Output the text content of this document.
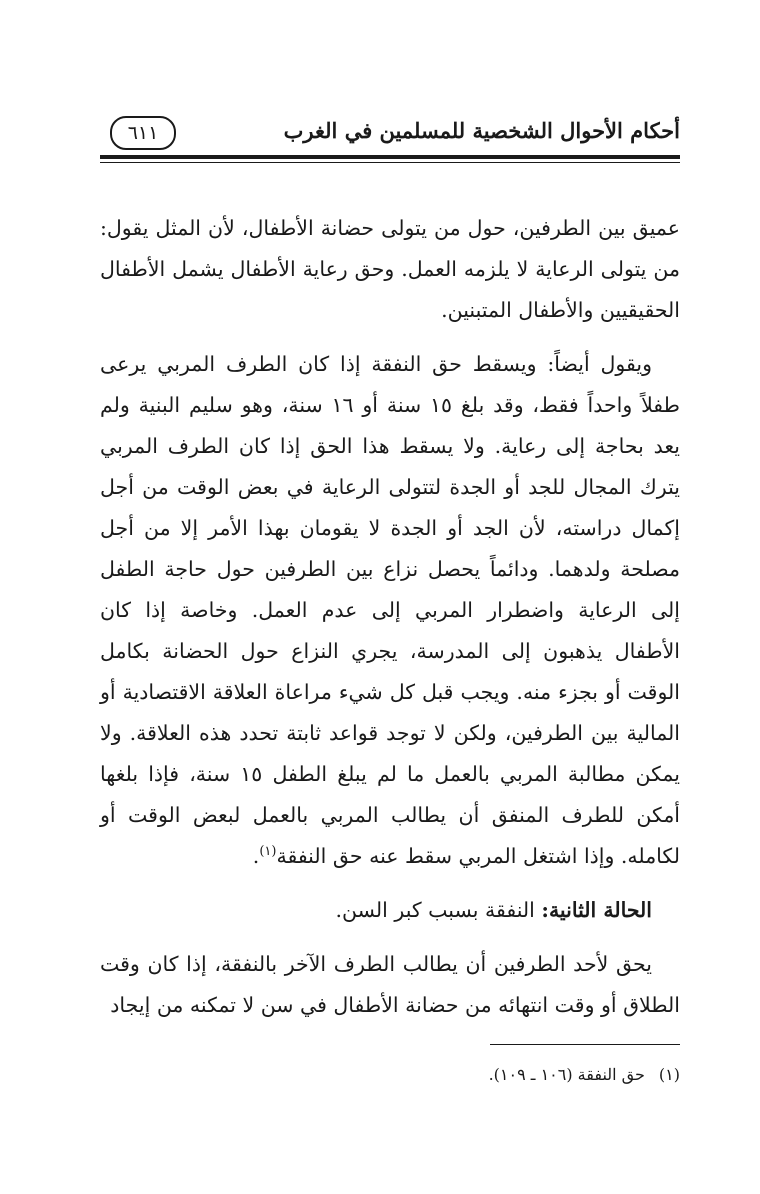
أحكام الأحوال الشخصية للمسلمين في الغرب
٦١١

عميق بين الطرفين، حول من يتولى حضانة الأطفال، لأن المثل يقول: من يتولى الرعاية لا يلزمه العمل. وحق رعاية الأطفال يشمل الأطفال الحقيقيين والأطفال المتبنين.

ويقول أيضاً: ويسقط حق النفقة إذا كان الطرف المربي يرعى طفلاً واحداً فقط، وقد بلغ ١٥ سنة أو ١٦ سنة، وهو سليم البنية ولم يعد بحاجة إلى رعاية. ولا يسقط هذا الحق إذا كان الطرف المربي يترك المجال للجد أو الجدة لتتولى الرعاية في بعض الوقت من أجل إكمال دراسته، لأن الجد أو الجدة لا يقومان بهذا الأمر إلا من أجل مصلحة ولدهما. ودائماً يحصل نزاع بين الطرفين حول حاجة الطفل إلى الرعاية واضطرار المربي إلى عدم العمل. وخاصة إذا كان الأطفال يذهبون إلى المدرسة، يجري النزاع حول الحضانة بكامل الوقت أو بجزء منه. ويجب قبل كل شيء مراعاة العلاقة الاقتصادية أو المالية بين الطرفين، ولكن لا توجد قواعد ثابتة تحدد هذه العلاقة. ولا يمكن مطالبة المربي بالعمل ما لم يبلغ الطفل ١٥ سنة، فإذا بلغها أمكن للطرف المنفق أن يطالب المربي بالعمل لبعض الوقت أو لكامله. وإذا اشتغل المربي سقط عنه حق النفقة$^{(١)}$.

الحالة الثانية: النفقة بسبب كبر السن.

يحق لأحد الطرفين أن يطالب الطرف الآخر بالنفقة، إذا كان وقت الطلاق أو وقت انتهائه من حضانة الأطفال في سن لا تمكنه من إيجاد

(١)حق النفقة (١٠٦ ـ ١٠٩).
